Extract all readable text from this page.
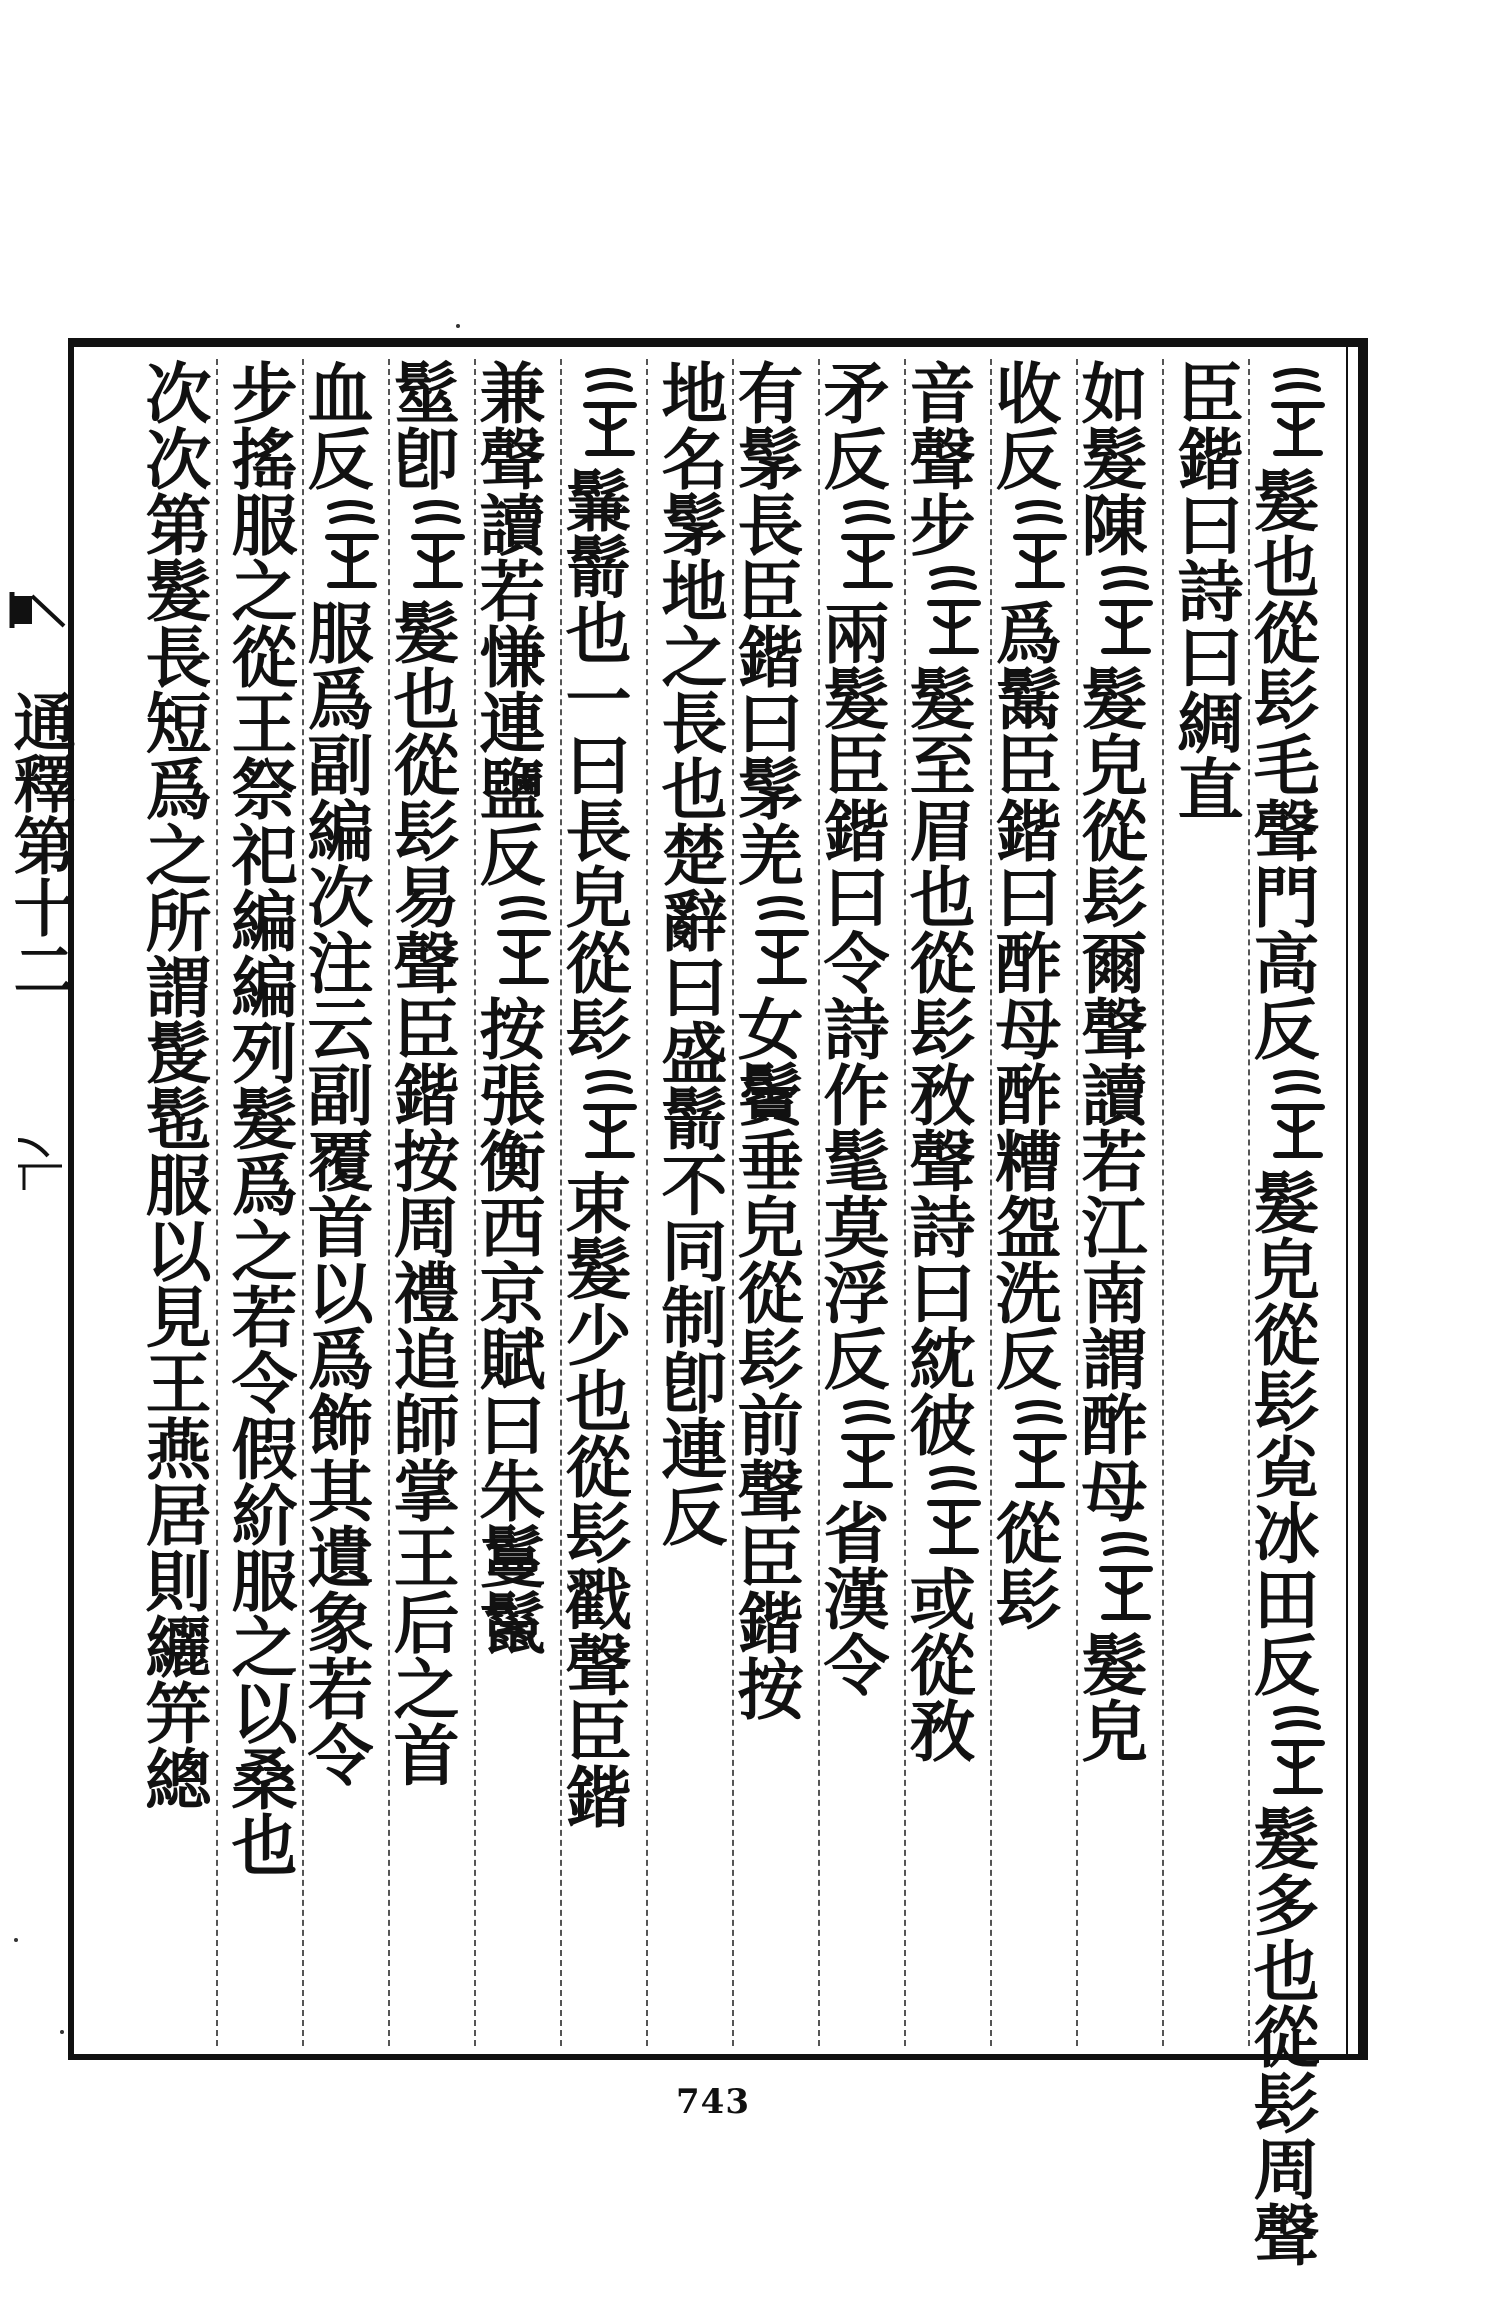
髮也從髟毛聲門高反
髮皃從髟㝸冰田反
髮多也從髟周聲
臣鍇曰詩曰綢直
如髮陳
髮皃從髟爾聲讀若江南謂酢母
髮皃
收反
爲鬗臣鍇曰酢母酢糟盌洗反
從髟
音聲步
髮至眉也從髟敄聲詩曰紞彼
或從敄
矛反
兩髮臣鍇曰令詩作髦莫浮反
省漢令
有髳長臣鍇曰髳羌
女鬢垂皃從髟前聲臣鍇按
地名髳地之長也楚辭曰盛鬋不同制卽連反
鬑鬋也一曰長皃從髟
束髮少也從髟戳聲臣鍇
兼聲讀若慊連鹽反
按張衡西京賦曰朱鬘鬣
髽卽
髮也從髟易聲臣鍇按周禮追師掌王后之首
血反
服爲副編次注云副覆首以爲飾其遺象若令
步搖服之從王祭祀編編列髮爲之若令假紒服之以桑也
次次第髮長短爲之所謂髲髢服以見王燕居則纚笄總
通釋第十二
743
